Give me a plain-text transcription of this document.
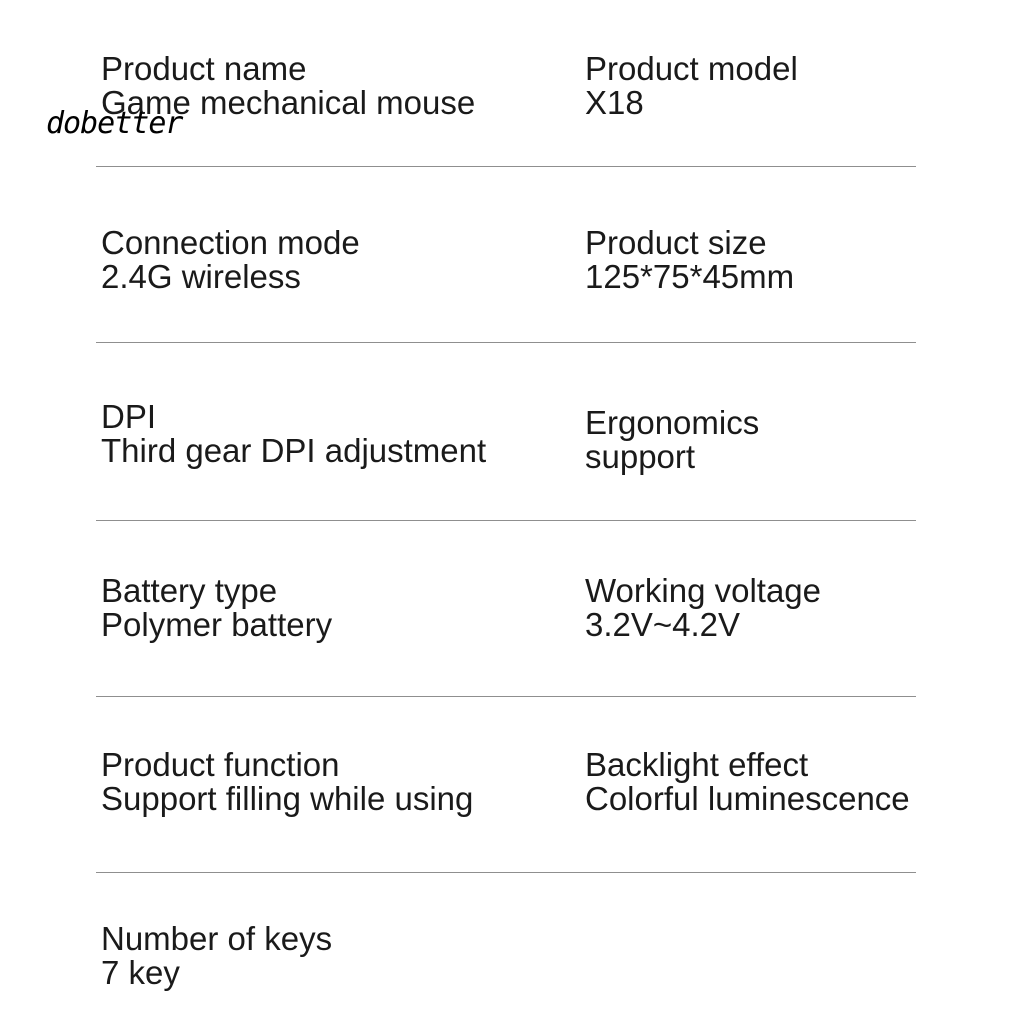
dobetter
Product name
Game mechanical mouse
Product model
X18
Connection mode
2.4G wireless
Product size
125*75*45mm
DPI
Third gear DPI adjustment
Ergonomics
support
Battery type
Polymer battery
Working voltage
3.2V~4.2V
Product function
Support filling while using
Backlight effect
Colorful luminescence
Number of keys
7 key
